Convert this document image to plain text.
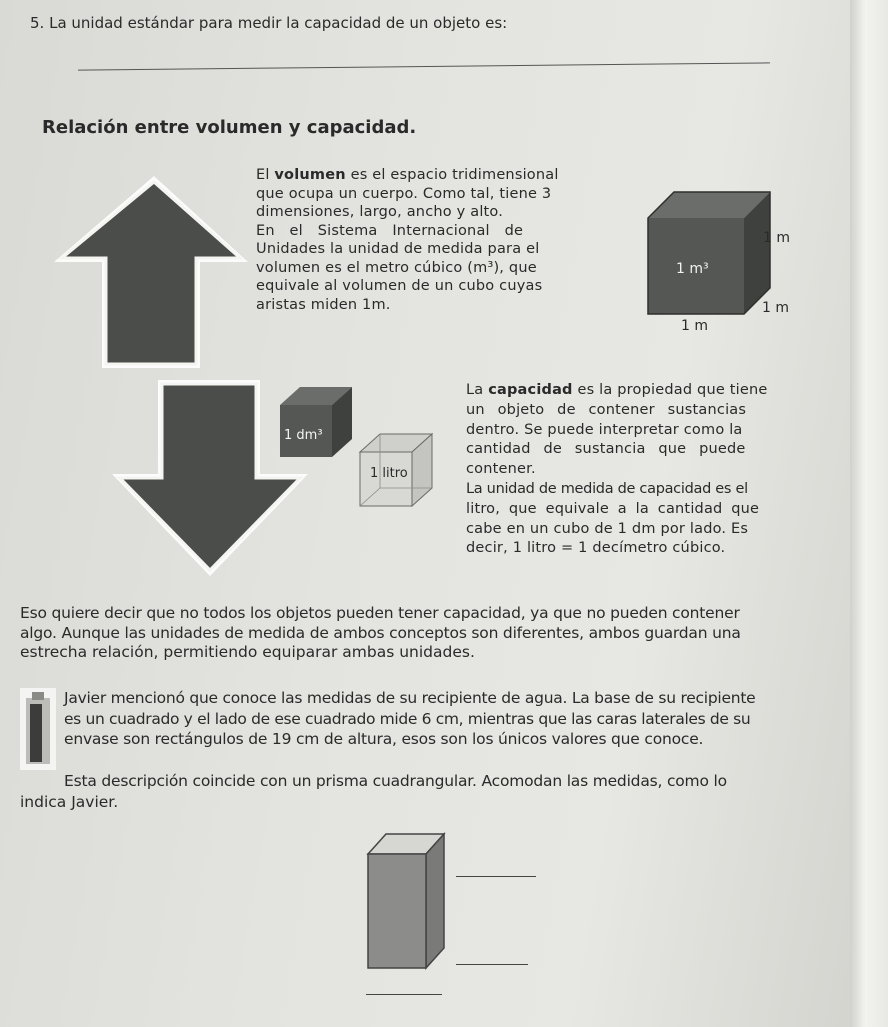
5. La unidad estándar para medir la capacidad de un objeto es:
Relación entre volumen y capacidad.
El volumen es el espacio tridimensional
que ocupa un cuerpo. Como tal, tiene 3
dimensiones, largo, ancho y alto.
En el Sistema Internacional de
Unidades la unidad de medida para el
volumen es el metro cúbico (m³), que
equivale al volumen de un cubo cuyas
aristas miden 1m.
1 m
1 m³
1 m
1 m
1 dm³
1 litro
La capacidad es la propiedad que tiene
un objeto de contener sustancias
dentro. Se puede interpretar como la
cantidad de sustancia que puede
contener.
La unidad de medida de capacidad es el
litro, que equivale a la cantidad que
cabe en un cubo de 1 dm por lado. Es
decir, 1 litro = 1 decímetro cúbico.
Eso quiere decir que no todos los objetos pueden tener capacidad, ya que no pueden contener
algo. Aunque las unidades de medida de ambos conceptos son diferentes, ambos guardan una
estrecha relación, permitiendo equiparar ambas unidades.
Javier mencionó que conoce las medidas de su recipiente de agua. La base de su recipiente
es un cuadrado y el lado de ese cuadrado mide 6 cm, mientras que las caras laterales de su
envase son rectángulos de 19 cm de altura, esos son los únicos valores que conoce.
Esta descripción coincide con un prisma cuadrangular. Acomodan las medidas, como lo
indica Javier.
